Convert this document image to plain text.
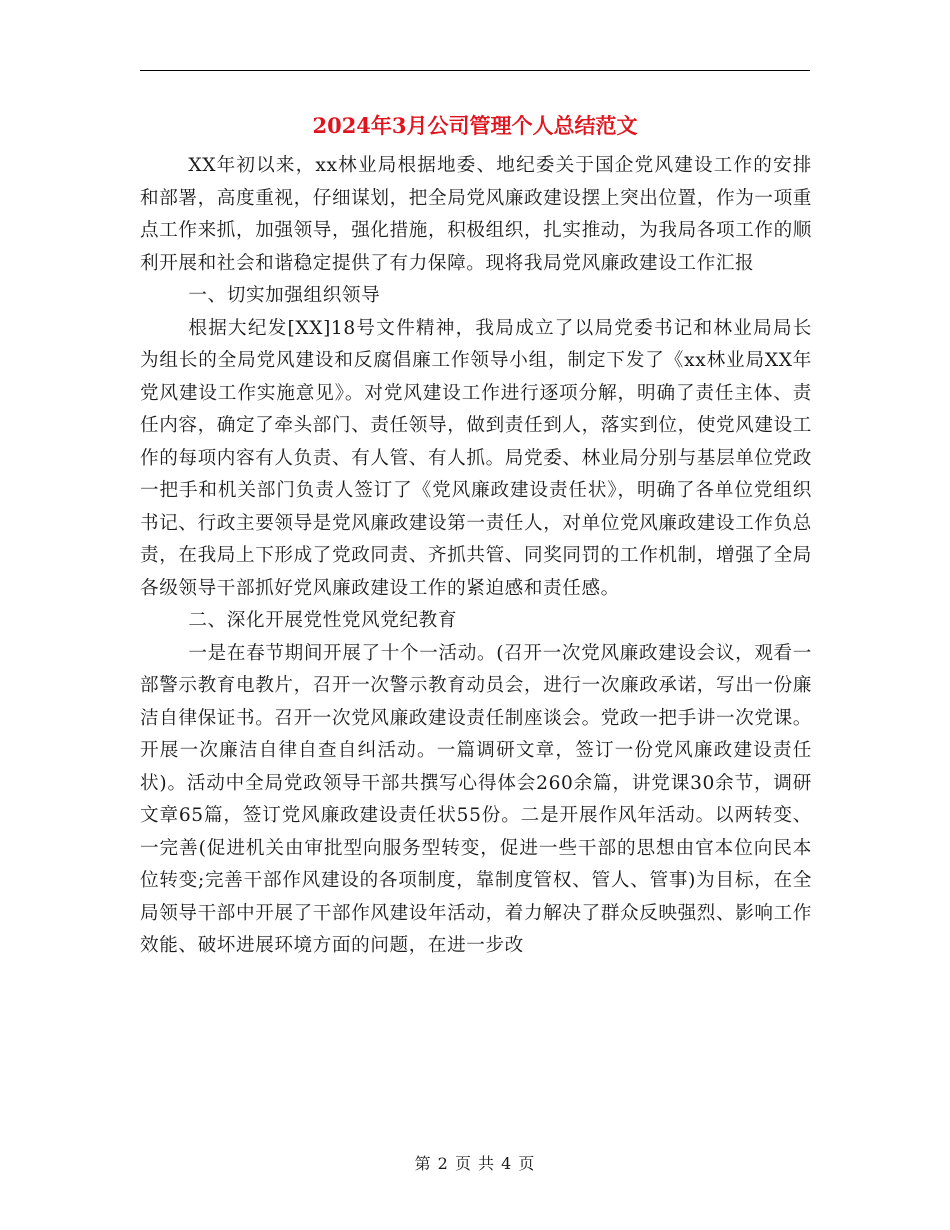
2024年3月公司管理个人总结范文

XX年初以来，xx林业局根据地委、地纪委关于国企党风建设工作的安排和部署，高度重视，仔细谋划，把全局党风廉政建设摆上突出位置，作为一项重点工作来抓，加强领导，强化措施，积极组织，扎实推动，为我局各项工作的顺利开展和社会和谐稳定提供了有力保障。现将我局党风廉政建设工作汇报

一、切实加强组织领导

根据大纪发[XX]18号文件精神，我局成立了以局党委书记和林业局局长为组长的全局党风建设和反腐倡廉工作领导小组，制定下发了《xx林业局XX年党风建设工作实施意见》。对党风建设工作进行逐项分解，明确了责任主体、责任内容，确定了牵头部门、责任领导，做到责任到人，落实到位，使党风建设工作的每项内容有人负责、有人管、有人抓。局党委、林业局分别与基层单位党政一把手和机关部门负责人签订了《党风廉政建设责任状》，明确了各单位党组织书记、行政主要领导是党风廉政建设第一责任人，对单位党风廉政建设工作负总责，在我局上下形成了党政同责、齐抓共管、同奖同罚的工作机制，增强了全局各级领导干部抓好党风廉政建设工作的紧迫感和责任感。

二、深化开展党性党风党纪教育

一是在春节期间开展了十个一活动。(召开一次党风廉政建设会议，观看一部警示教育电教片，召开一次警示教育动员会，进行一次廉政承诺，写出一份廉洁自律保证书。召开一次党风廉政建设责任制座谈会。党政一把手讲一次党课。开展一次廉洁自律自查自纠活动。一篇调研文章，签订一份党风廉政建设责任状)。活动中全局党政领导干部共撰写心得体会260余篇，讲党课30余节，调研文章65篇，签订党风廉政建设责任状55份。二是开展作风年活动。以两转变、一完善(促进机关由审批型向服务型转变，促进一些干部的思想由官本位向民本位转变;完善干部作风建设的各项制度，靠制度管权、管人、管事)为目标，在全局领导干部中开展了干部作风建设年活动，着力解决了群众反映强烈、影响工作效能、破坏进展环境方面的问题，在进一步改

第 2 页 共 4 页
